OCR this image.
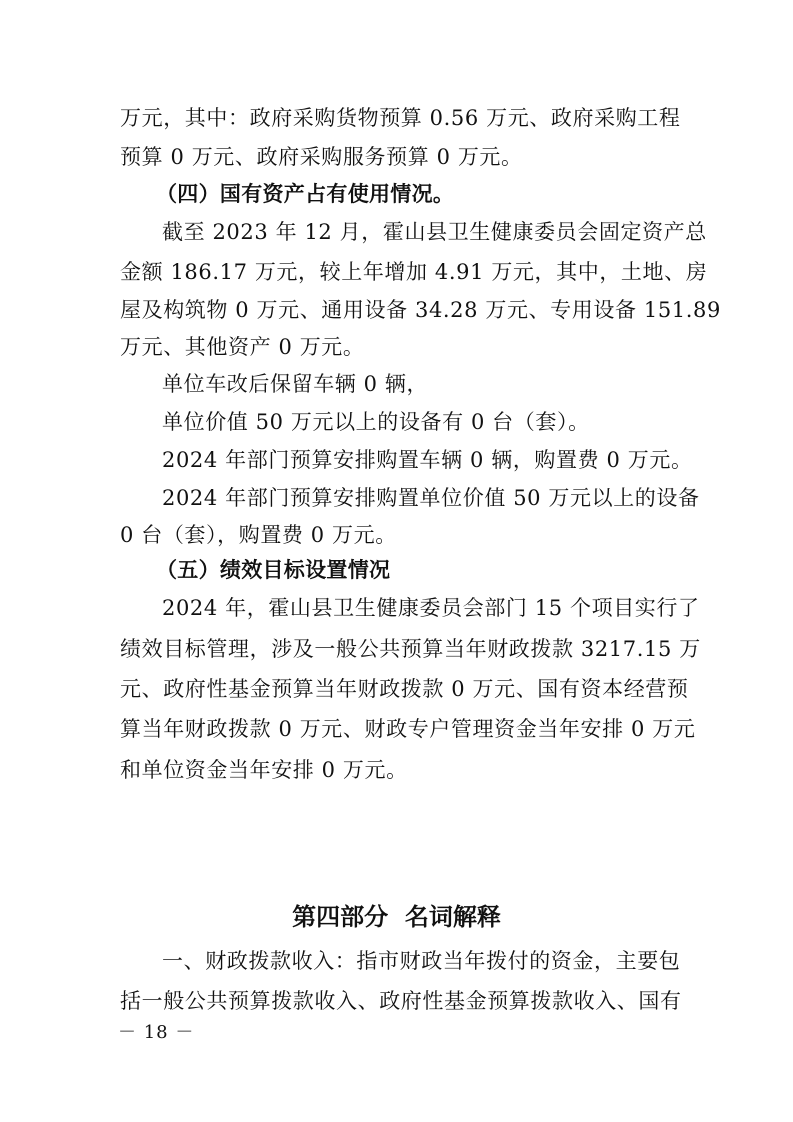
万元，其中：政府采购货物预算 0.56 万元、政府采购工程
预算 0 万元、政府采购服务预算 0 万元。
（四）国有资产占有使用情况。
截至 2023 年 12 月，霍山县卫生健康委员会固定资产总
金额 186.17 万元，较上年增加 4.91 万元，其中，土地、房
屋及构筑物 0 万元、通用设备 34.28 万元、专用设备 151.89
万元、其他资产 0 万元。
单位车改后保留车辆 0 辆，
单位价值 50 万元以上的设备有 0 台（套）。
2024 年部门预算安排购置车辆 0 辆，购置费 0 万元。
2024 年部门预算安排购置单位价值 50 万元以上的设备
0 台（套），购置费 0 万元。
（五）绩效目标设置情况
2024 年，霍山县卫生健康委员会部门 15 个项目实行了
绩效目标管理，涉及一般公共预算当年财政拨款 3217.15 万
元、政府性基金预算当年财政拨款 0 万元、国有资本经营预
算当年财政拨款 0 万元、财政专户管理资金当年安排 0 万元
和单位资金当年安排 0 万元。
第四部分  名词解释
一、财政拨款收入：指市财政当年拨付的资金，主要包
括一般公共预算拨款收入、政府性基金预算拨款收入、国有
－ 18 －
